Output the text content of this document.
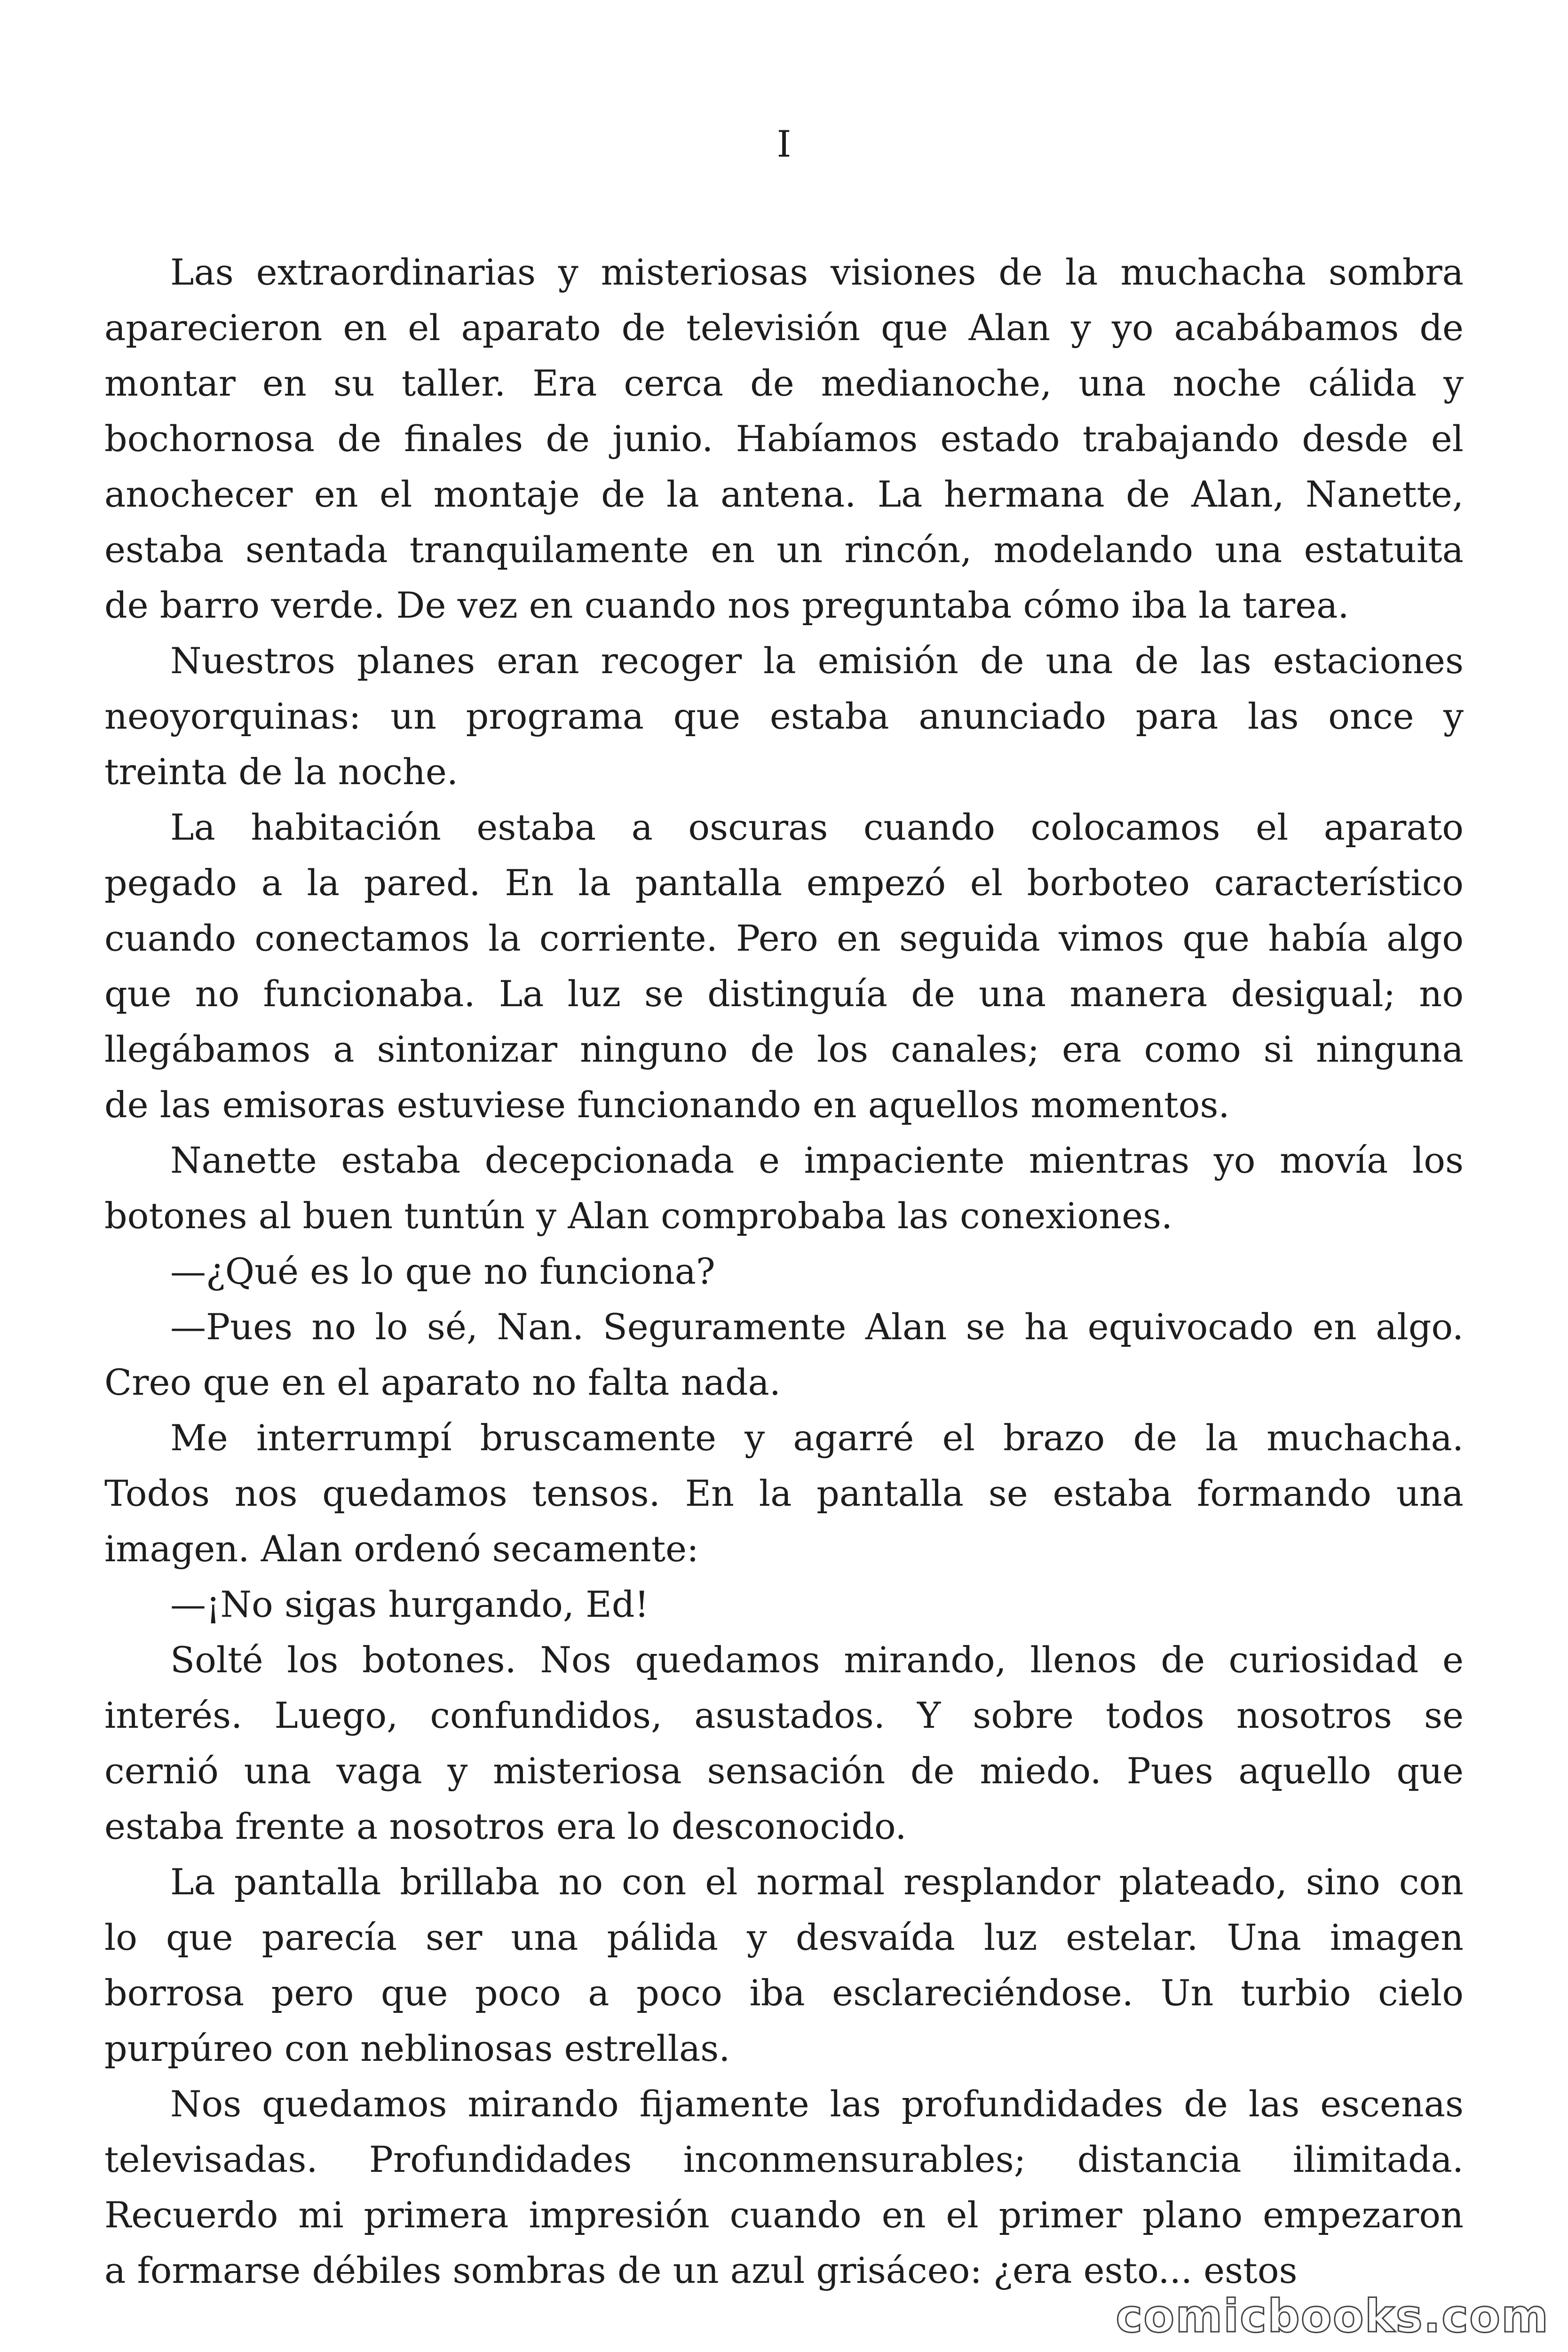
I
Las extraordinarias y misteriosas visiones de la muchacha sombra
aparecieron en el aparato de televisión que Alan y yo acabábamos de
montar en su taller. Era cerca de medianoche, una noche cálida y
bochornosa de finales de junio. Habíamos estado trabajando desde el
anochecer en el montaje de la antena. La hermana de Alan, Nanette,
estaba sentada tranquilamente en un rincón, modelando una estatuita
de barro verde. De vez en cuando nos preguntaba cómo iba la tarea.
Nuestros planes eran recoger la emisión de una de las estaciones
neoyorquinas: un programa que estaba anunciado para las once y
treinta de la noche.
La habitación estaba a oscuras cuando colocamos el aparato
pegado a la pared. En la pantalla empezó el borboteo característico
cuando conectamos la corriente. Pero en seguida vimos que había algo
que no funcionaba. La luz se distinguía de una manera desigual; no
llegábamos a sintonizar ninguno de los canales; era como si ninguna
de las emisoras estuviese funcionando en aquellos momentos.
Nanette estaba decepcionada e impaciente mientras yo movía los
botones al buen tuntún y Alan comprobaba las conexiones.
—¿Qué es lo que no funciona?
—Pues no lo sé, Nan. Seguramente Alan se ha equivocado en algo.
Creo que en el aparato no falta nada.
Me interrumpí bruscamente y agarré el brazo de la muchacha.
Todos nos quedamos tensos. En la pantalla se estaba formando una
imagen. Alan ordenó secamente:
—¡No sigas hurgando, Ed!
Solté los botones. Nos quedamos mirando, llenos de curiosidad e
interés. Luego, confundidos, asustados. Y sobre todos nosotros se
cernió una vaga y misteriosa sensación de miedo. Pues aquello que
estaba frente a nosotros era lo desconocido.
La pantalla brillaba no con el normal resplandor plateado, sino con
lo que parecía ser una pálida y desvaída luz estelar. Una imagen
borrosa pero que poco a poco iba esclareciéndose. Un turbio cielo
purpúreo con neblinosas estrellas.
Nos quedamos mirando fijamente las profundidades de las escenas
televisadas. Profundidades inconmensurables; distancia ilimitada.
Recuerdo mi primera impresión cuando en el primer plano empezaron
a formarse débiles sombras de un azul grisáceo: ¿era esto... estos
comicbooks.com
